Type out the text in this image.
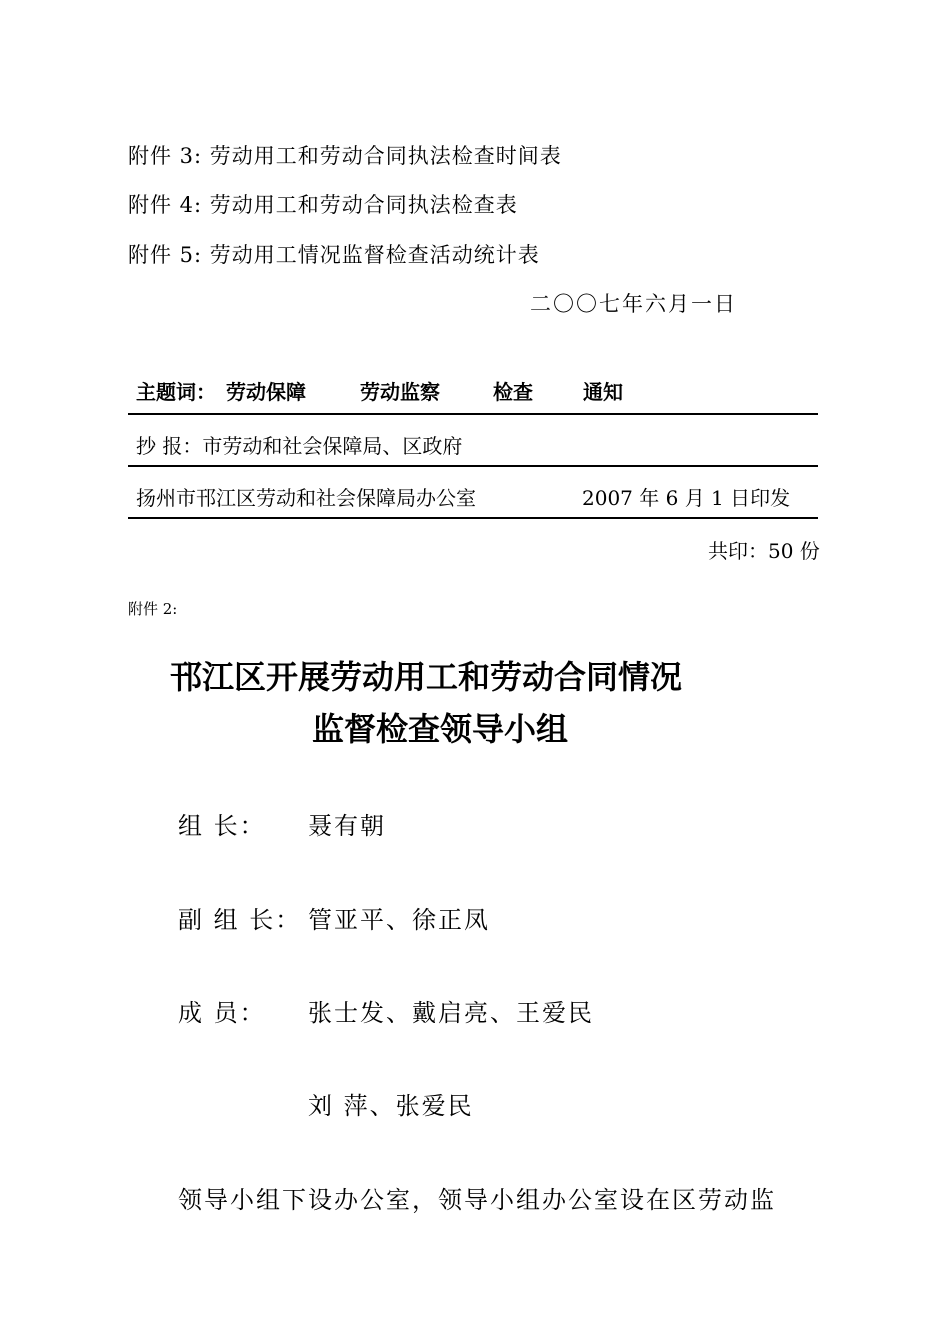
附件 3: 劳动用工和劳动合同执法检查时间表
附件 4: 劳动用工和劳动合同执法检查表
附件 5: 劳动用工情况监督检查活动统计表
二〇〇七年六月一日
主题词： 劳动保障	劳动监察	检查	通知
抄 报：市劳动和社会保障局、区政府
扬州市邗江区劳动和社会保障局办公室	2007 年 6 月 1 日印发
共印：50 份
附件 2:
邗江区开展劳动用工和劳动合同情况
监督检查领导小组
组 长： 聂有朝
副 组 长： 管亚平、徐正凤
成 员： 张士发、戴启亮、王爱民
刘 萍、张爱民
领导小组下设办公室，领导小组办公室设在区劳动监
